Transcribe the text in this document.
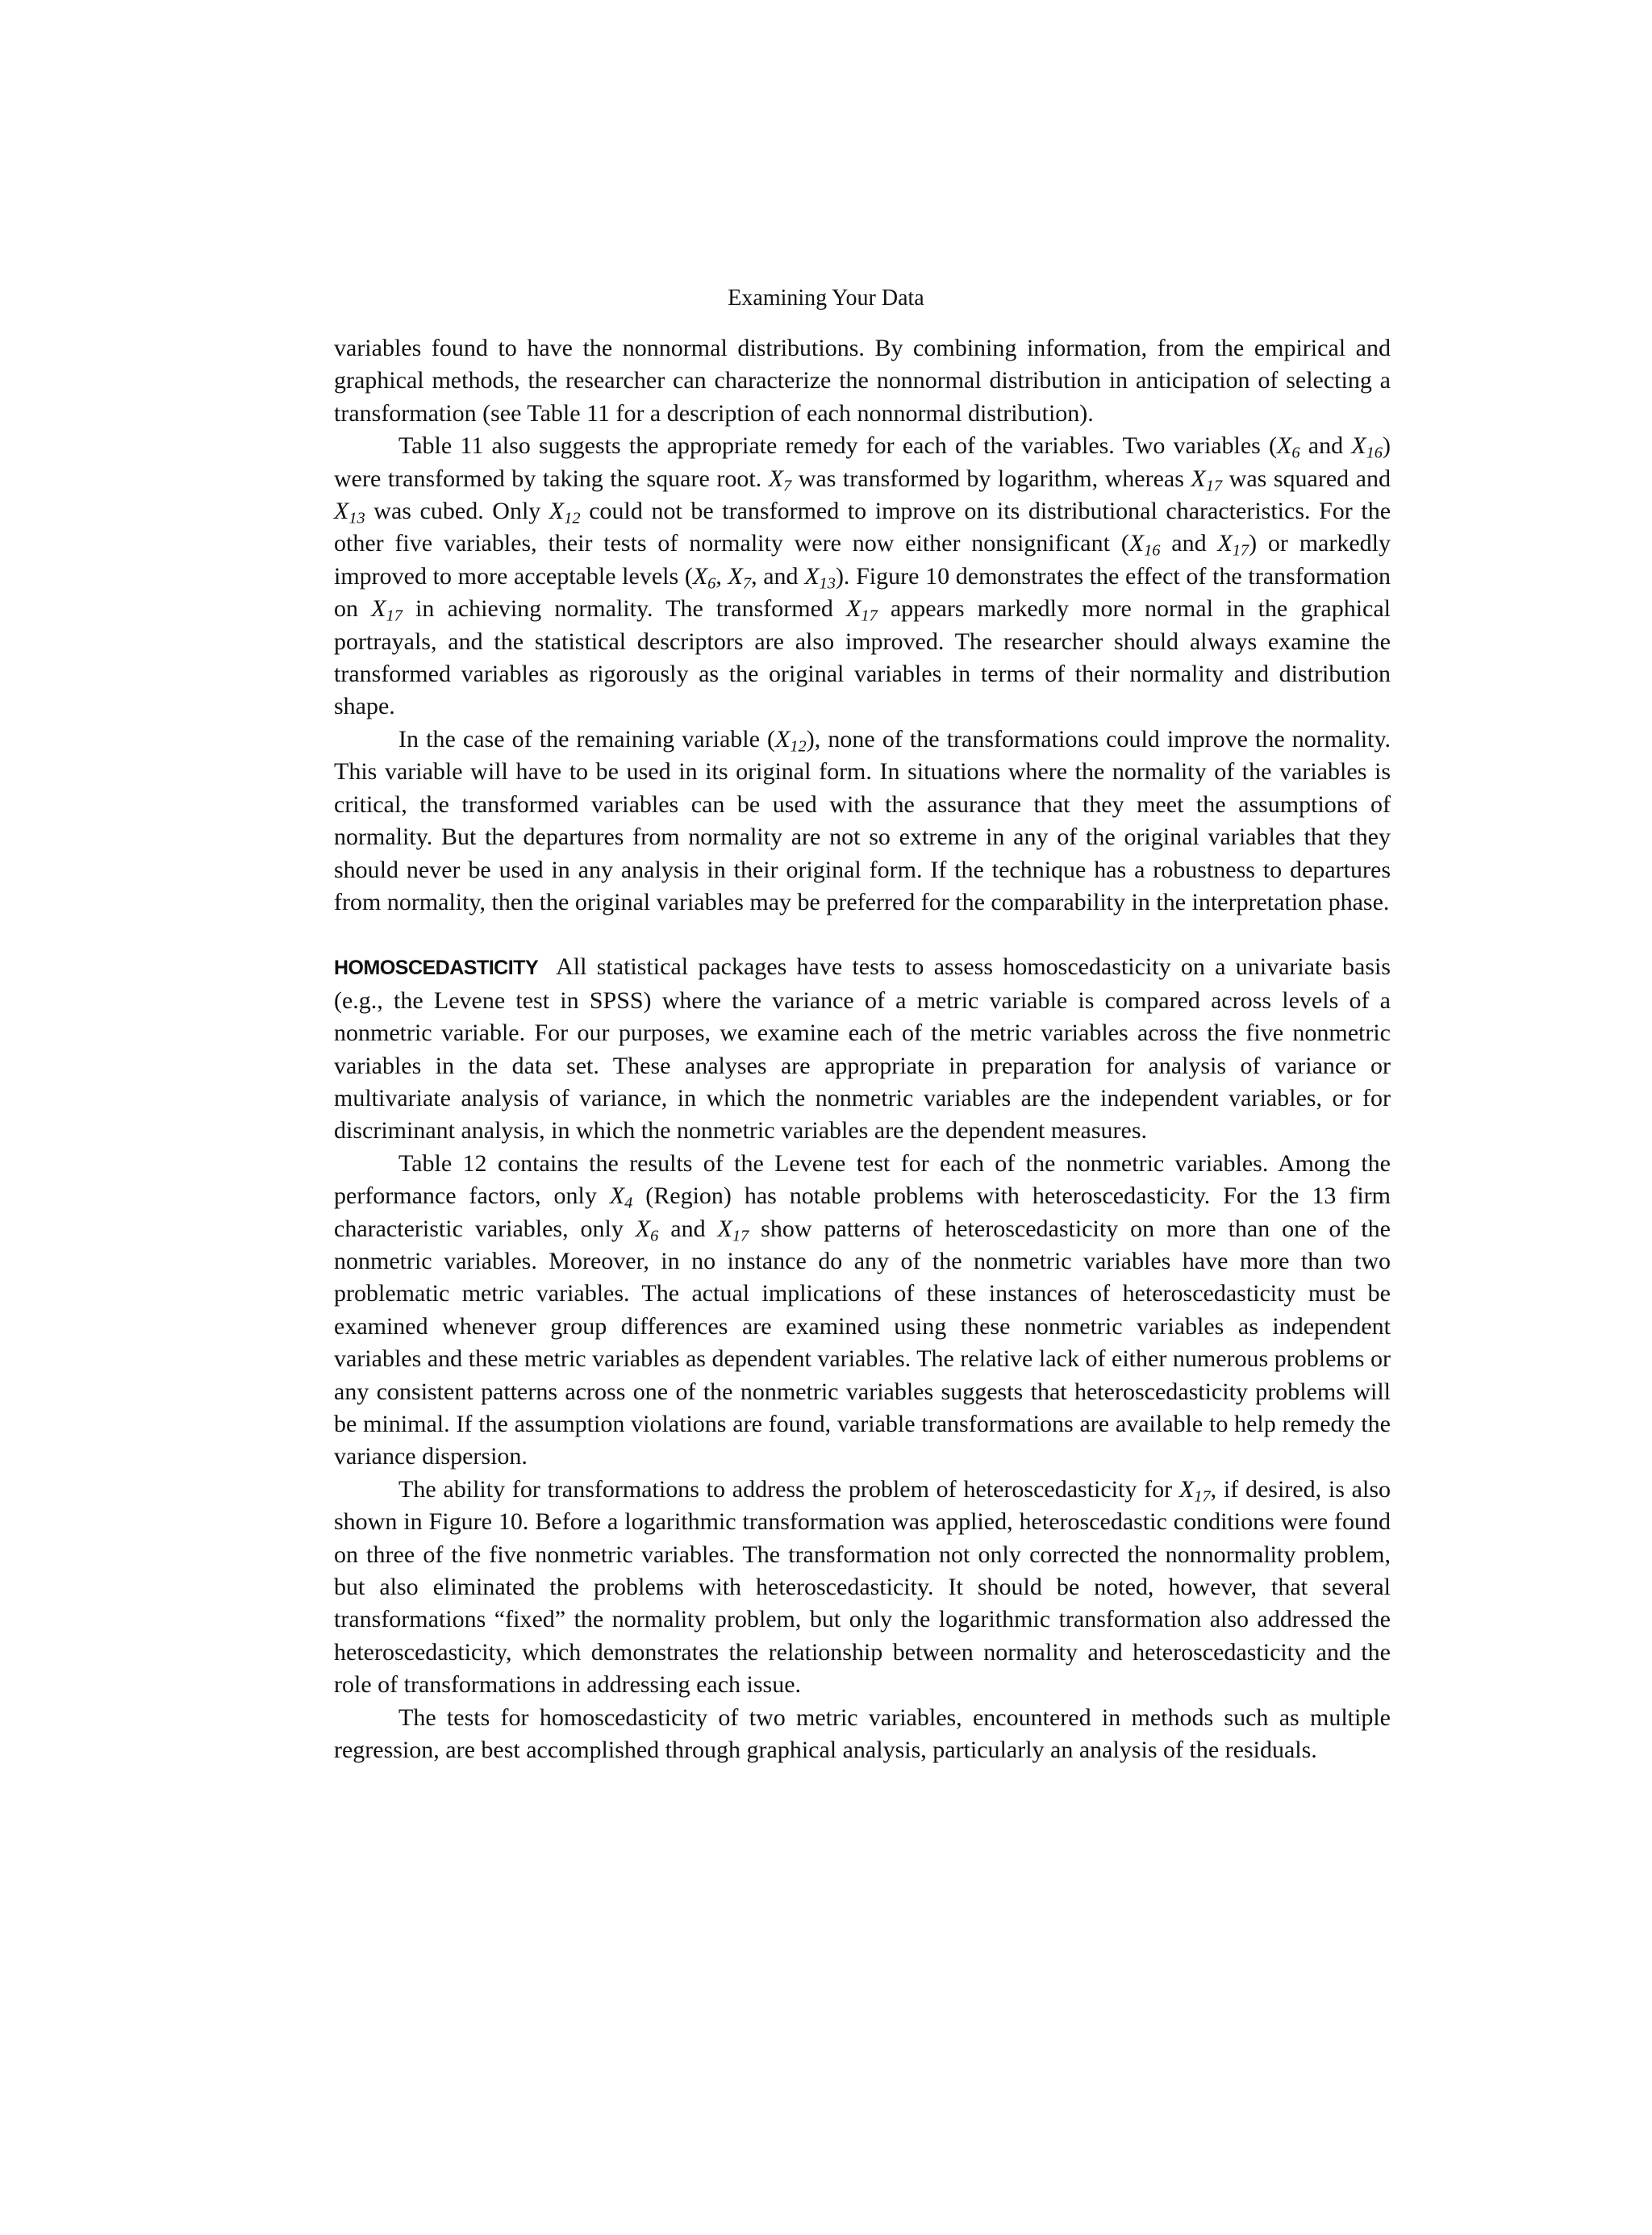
Examining Your Data

variables found to have the nonnormal distributions. By combining information, from the empirical and graphical methods, the researcher can characterize the nonnormal distribution in anticipation of selecting a transformation (see Table 11 for a description of each nonnormal distribution).

Table 11 also suggests the appropriate remedy for each of the variables. Two variables ($X_6$ and $X_{16}$) were transformed by taking the square root. $X_7$ was transformed by logarithm, whereas $X_{17}$ was squared and $X_{13}$ was cubed. Only $X_{12}$ could not be transformed to improve on its distributional characteristics. For the other five variables, their tests of normality were now either nonsignificant ($X_{16}$ and $X_{17}$) or markedly improved to more acceptable levels ($X_6$, $X_7$, and $X_{13}$). Figure 10 demonstrates the effect of the transformation on $X_{17}$ in achieving normality. The transformed $X_{17}$ appears markedly more normal in the graphical portrayals, and the statistical descriptors are also improved. The researcher should always examine the transformed variables as rigorously as the original variables in terms of their normality and distribution shape.

In the case of the remaining variable $(X_{12})$, none of the transformations could improve the normality. This variable will have to be used in its original form. In situations where the normality of the variables is critical, the transformed variables can be used with the assurance that they meet the assumptions of normality. But the departures from normality are not so extreme in any of the original variables that they should never be used in any analysis in their original form. If the technique has a robustness to departures from normality, then the original variables may be preferred for the comparability in the interpretation phase.

HOMOSCEDASTICITY All statistical packages have tests to assess homoscedasticity on a univariate basis (e.g., the Levene test in SPSS) where the variance of a metric variable is compared across levels of a nonmetric variable. For our purposes, we examine each of the metric variables across the five nonmetric variables in the data set. These analyses are appropriate in preparation for analysis of variance or multivariate analysis of variance, in which the nonmetric variables are the independent variables, or for discriminant analysis, in which the nonmetric variables are the dependent measures.

Table 12 contains the results of the Levene test for each of the nonmetric variables. Among the performance factors, only $X_4$ (Region) has notable problems with heteroscedasticity. For the 13 firm characteristic variables, only $X_6$ and $X_{17}$ show patterns of heteroscedasticity on more than one of the nonmetric variables. Moreover, in no instance do any of the nonmetric variables have more than two problematic metric variables. The actual implications of these instances of heteroscedasticity must be examined whenever group differences are examined using these nonmetric variables as independent variables and these metric variables as dependent variables. The relative lack of either numerous problems or any consistent patterns across one of the nonmetric variables suggests that heteroscedasticity problems will be minimal. If the assumption violations are found, variable transformations are available to help remedy the variance dispersion.

The ability for transformations to address the problem of heteroscedasticity for $X_{17}$, if desired, is also shown in Figure 10. Before a logarithmic transformation was applied, heteroscedastic conditions were found on three of the five nonmetric variables. The transformation not only corrected the nonnormality problem, but also eliminated the problems with heteroscedasticity. It should be noted, however, that several transformations “fixed” the normality problem, but only the logarithmic transformation also addressed the heteroscedasticity, which demonstrates the relationship between normality and heteroscedasticity and the role of transformations in addressing each issue.

The tests for homoscedasticity of two metric variables, encountered in methods such as multiple regression, are best accomplished through graphical analysis, particularly an analysis of the residuals.
